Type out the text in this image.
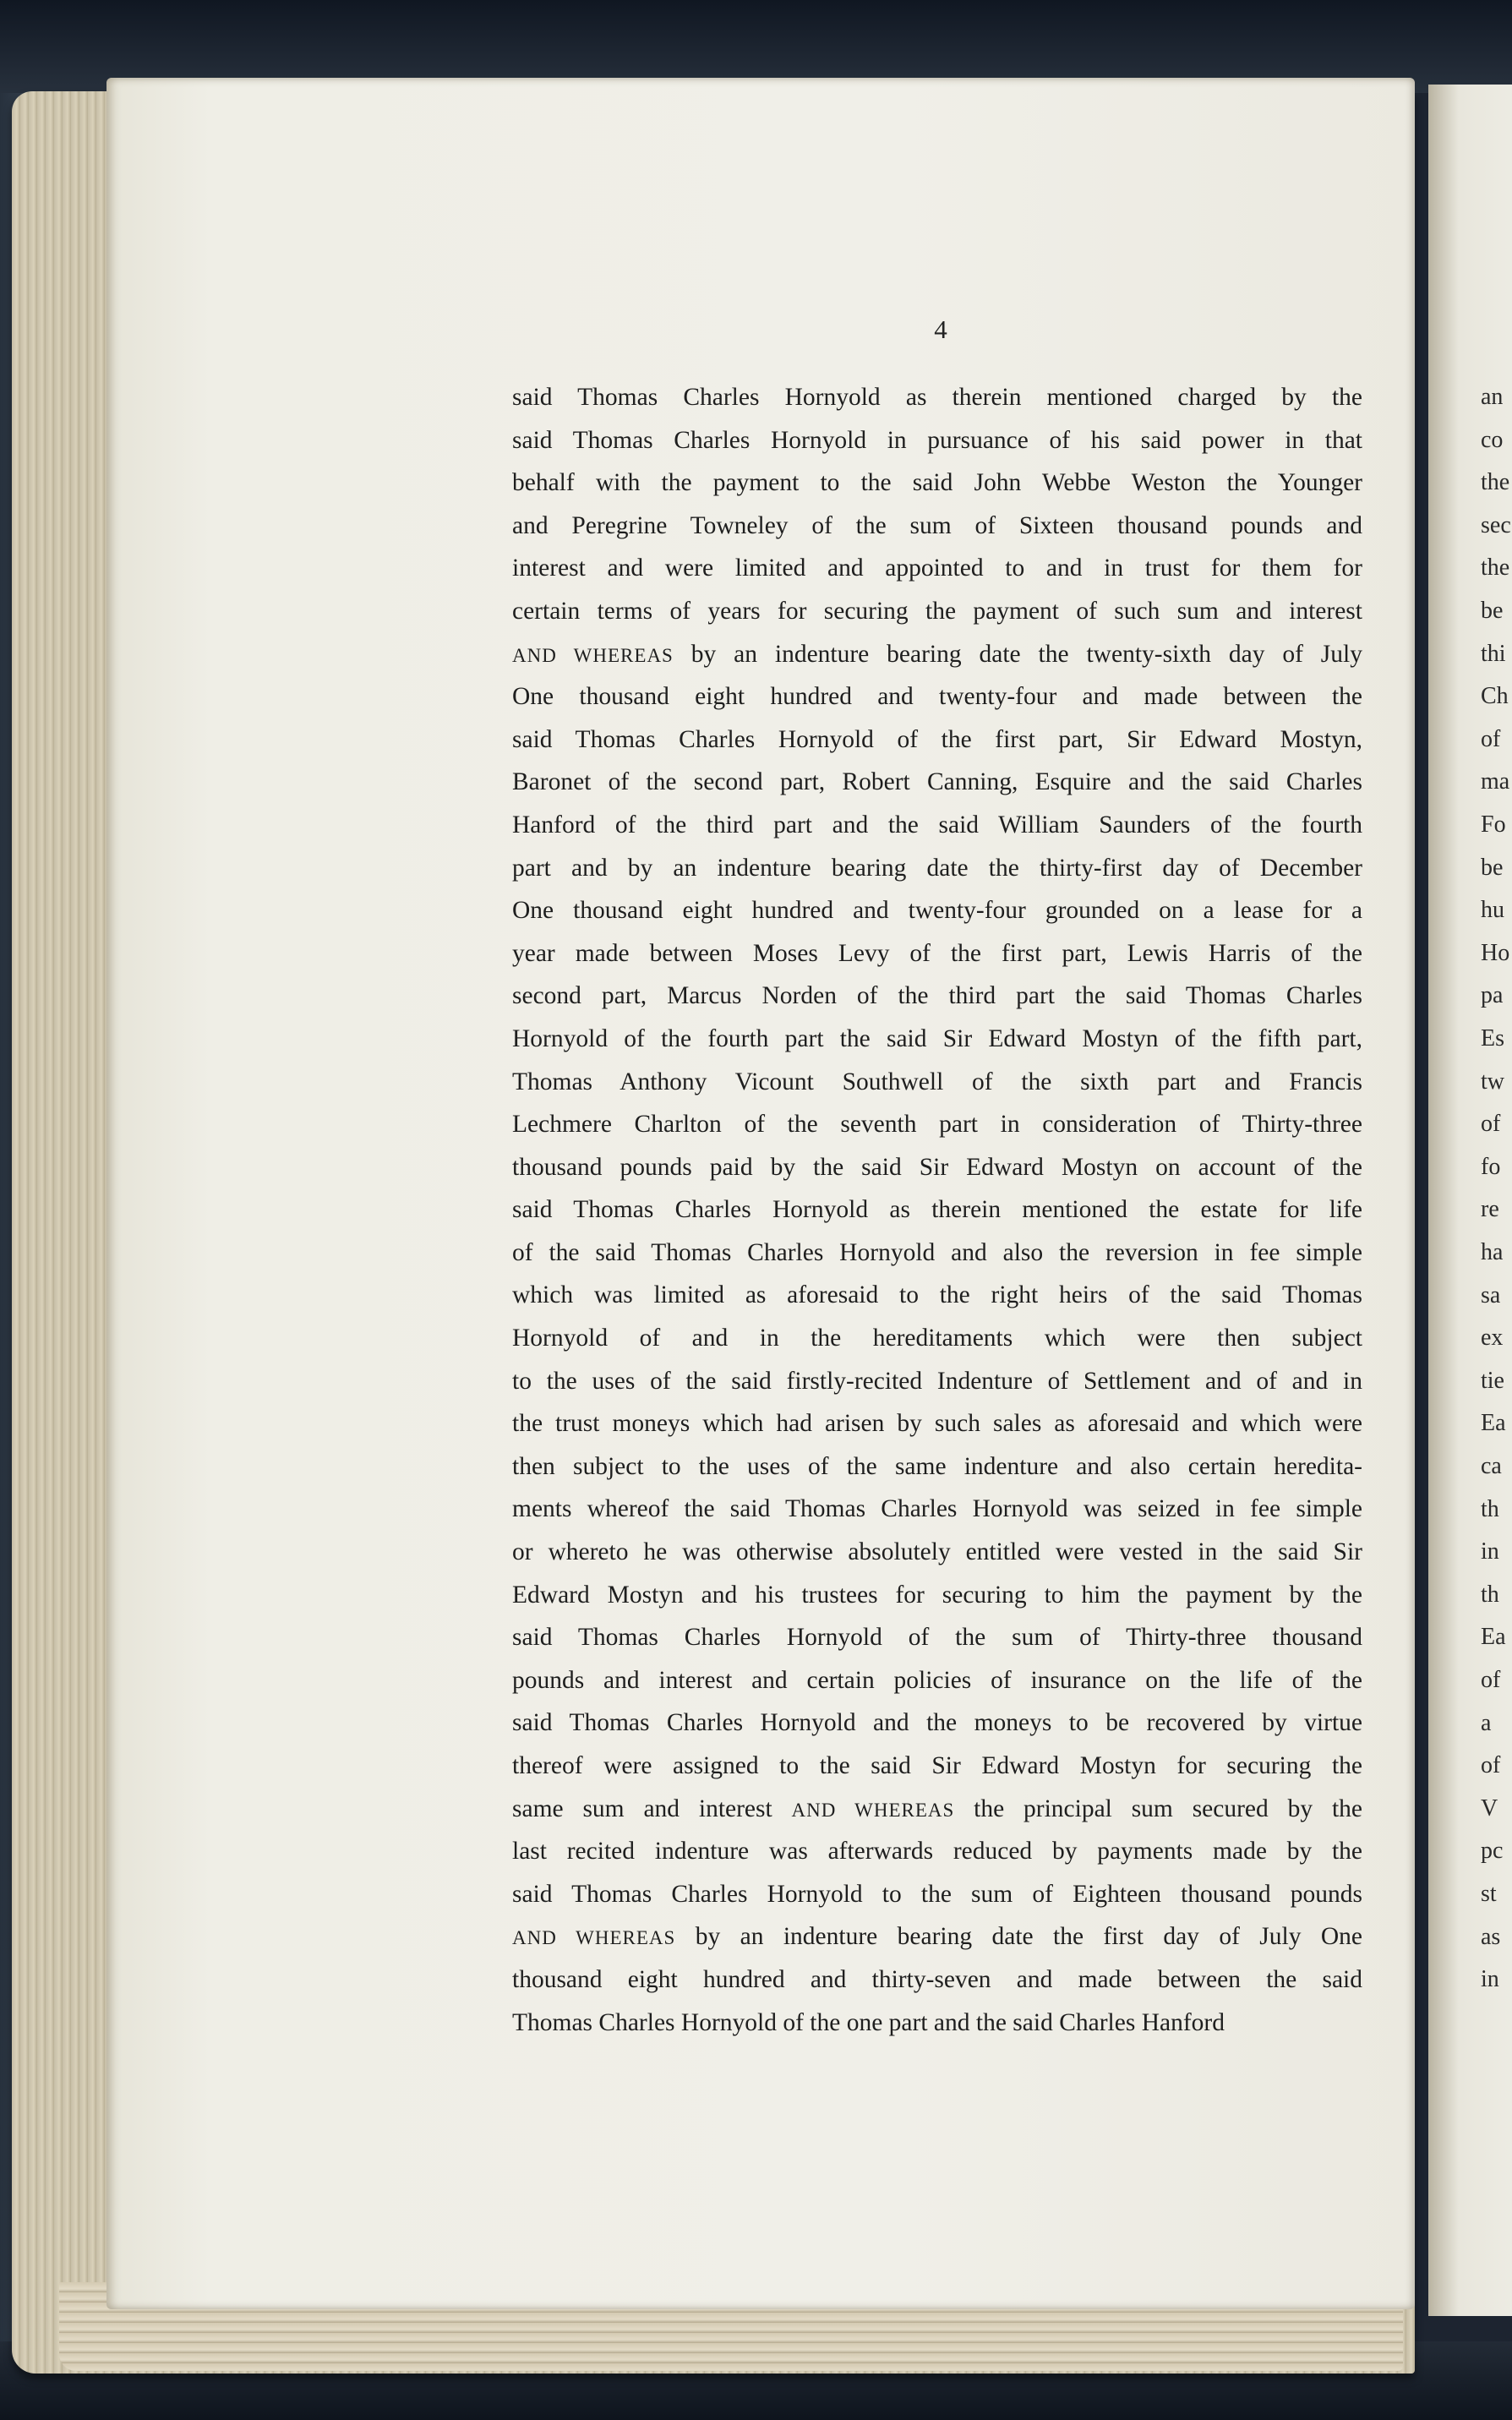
an
co
the
sec
the
be
thi
Ch
of
ma
Fo
be
hu
Ho
pa
Es
tw
of
fo
re
ha
sa
ex
tie
Ea
ca
th
in
th
Ea
of
a
of
V
pc
st
as
in
4
said Thomas Charles Hornyold as therein mentioned charged by the
said Thomas Charles Hornyold in pursuance of his said power in that
behalf with the payment to the said John Webbe Weston the Younger
and Peregrine Towneley of the sum of Sixteen thousand pounds and
interest and were limited and appointed to and in trust for them for
certain terms of years for securing the payment of such sum and interest
AND WHEREAS by an indenture bearing date the twenty-sixth day of July
One thousand eight hundred and twenty-four and made between the
said Thomas Charles Hornyold of the first part, Sir Edward Mostyn,
Baronet of the second part, Robert Canning, Esquire and the said Charles
Hanford of the third part and the said William Saunders of the fourth
part and by an indenture bearing date the thirty-first day of December
One thousand eight hundred and twenty-four grounded on a lease for a
year made between Moses Levy of the first part, Lewis Harris of the
second part, Marcus Norden of the third part the said Thomas Charles
Hornyold of the fourth part the said Sir Edward Mostyn of the fifth part,
Thomas Anthony Vicount Southwell of the sixth part and Francis
Lechmere Charlton of the seventh part in consideration of Thirty-three
thousand pounds paid by the said Sir Edward Mostyn on account of the
said Thomas Charles Hornyold as therein mentioned the estate for life
of the said Thomas Charles Hornyold and also the reversion in fee simple
which was limited as aforesaid to the right heirs of the said Thomas
Hornyold of and in the hereditaments which were then subject
to the uses of the said firstly-recited Indenture of Settlement and of and in
the trust moneys which had arisen by such sales as aforesaid and which were
then subject to the uses of the same indenture and also certain heredita-
ments whereof the said Thomas Charles Hornyold was seized in fee simple
or whereto he was otherwise absolutely entitled were vested in the said Sir
Edward Mostyn and his trustees for securing to him the payment by the
said Thomas Charles Hornyold of the sum of Thirty-three thousand
pounds and interest and certain policies of insurance on the life of the
said Thomas Charles Hornyold and the moneys to be recovered by virtue
thereof were assigned to the said Sir Edward Mostyn for securing the
same sum and interest AND WHEREAS the principal sum secured by the
last recited indenture was afterwards reduced by payments made by the
said Thomas Charles Hornyold to the sum of Eighteen thousand pounds
AND WHEREAS by an indenture bearing date the first day of July One
thousand eight hundred and thirty-seven and made between the said
Thomas Charles Hornyold of the one part and the said Charles Hanford
